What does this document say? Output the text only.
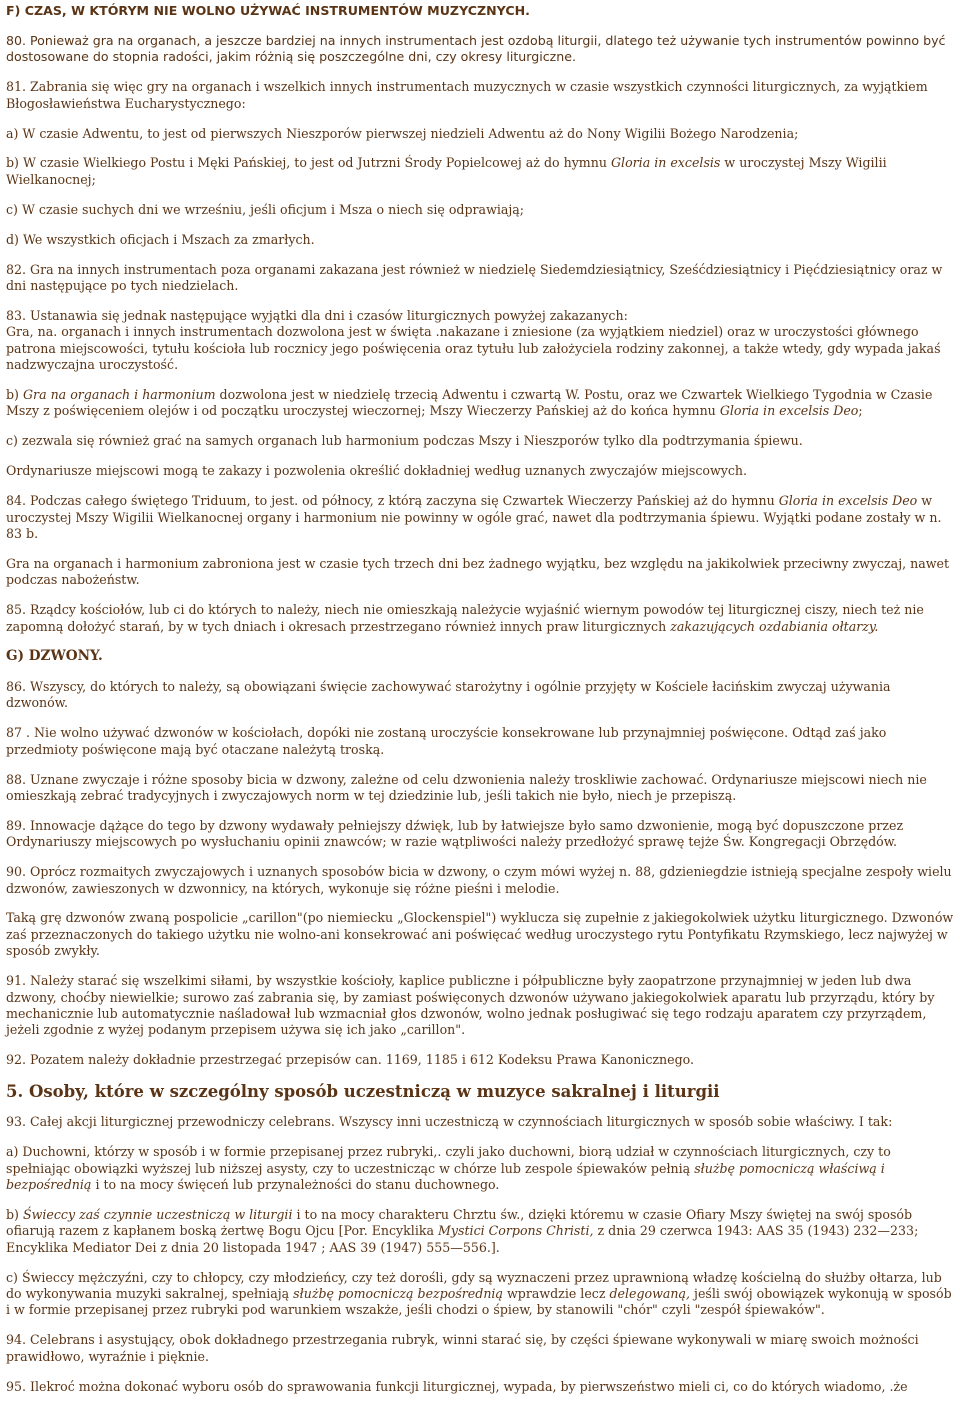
F) CZAS, W KTÓRYM NIE WOLNO UŻYWAĆ INSTRUMENTÓW MUZYCZNYCH.

80. Ponieważ gra na organach, a jeszcze bardziej na innych instrumentach jest ozdobą liturgii, dlatego też używanie tych instrumentów powinno być dostosowane do stopnia radości, jakim różnią się poszczególne dni, czy okresy liturgiczne.

81. Zabrania się więc gry na organach i wszelkich innych instrumentach muzycznych w czasie wszystkich czynności liturgicznych, za wyjątkiem Błogosławieństwa Eucharystycznego:

a) W czasie Adwentu, to jest od pierwszych Nieszporów pierwszej niedzieli Adwentu aż do Nony Wigilii Bożego Narodzenia;

b) W czasie Wielkiego Postu i Męki Pańskiej, to jest od Jutrzni Środy Popielcowej aż do hymnu Gloria in excelsis w uroczystej Mszy Wigilii Wielkanocnej;

c) W czasie suchych dni we wrześniu, jeśli oficjum i Msza o niech się odprawiają;

d) We wszystkich oficjach i Mszach za zmarłych.

82. Gra na innych instrumentach poza organami zakazana jest również w niedzielę Siedemdziesiątnicy, Sześćdziesiątnicy i Pięćdziesiątnicy oraz w dni następujące po tych niedzielach.

83. Ustanawia się jednak następujące wyjątki dla dni i czasów liturgicznych powyżej zakazanych:
Gra, na. organach i innych instrumentach dozwolona jest w święta .nakazane i zniesione (za wyjątkiem niedziel) oraz w uroczystości głównego patrona miejscowości, tytułu kościoła lub rocznicy jego poświęcenia oraz tytułu lub założyciela rodziny zakonnej, a także wtedy, gdy wypada jakaś nadzwyczajna uroczystość.

b) Gra na organach i harmonium dozwolona jest w niedzielę trzecią Adwentu i czwartą W. Postu, oraz we Czwartek Wielkiego Tygodnia w Czasie Mszy z poświęceniem olejów i od początku uroczystej wieczornej; Mszy Wieczerzy Pańskiej aż do końca hymnu Gloria in excelsis Deo;

c) zezwala się również grać na samych organach lub harmonium podczas Mszy i Nieszporów tylko dla podtrzymania śpiewu.

Ordynariusze miejscowi mogą te zakazy i pozwolenia określić dokładniej według uznanych zwyczajów miejscowych.

84. Podczas całego świętego Triduum, to jest. od północy, z którą zaczyna się Czwartek Wieczerzy Pańskiej aż do hymnu Gloria in excelsis Deo w uroczystej Mszy Wigilii Wielkanocnej organy i harmonium nie powinny w ogóle grać, nawet dla podtrzymania śpiewu. Wyjątki podane zostały w n. 83 b.

Gra na organach i harmonium zabroniona jest w czasie tych trzech dni bez żadnego wyjątku, bez względu na jakikolwiek przeciwny zwyczaj, nawet podczas nabożeństw.

85. Rządcy kościołów, lub ci do których to należy, niech nie omieszkają należycie wyjaśnić wiernym powodów tej liturgicznej ciszy, niech też nie zapomną dołożyć starań, by w tych dniach i okresach przestrzegano również innych praw liturgicznych zakazujących ozdabiania ołtarzy.

G) DZWONY.

86. Wszyscy, do których to należy, są obowiązani święcie zachowywać starożytny i ogólnie przyjęty w Kościele łacińskim zwyczaj używania dzwonów.

87 . Nie wolno używać dzwonów w kościołach, dopóki nie zostaną uroczyście konsekrowane lub przynajmniej poświęcone. Odtąd zaś jako przedmioty poświęcone mają być otaczane należytą troską.

88. Uznane zwyczaje i różne sposoby bicia w dzwony, zależne od celu dzwonienia należy troskliwie zachować. Ordynariusze miejscowi niech nie omieszkają zebrać tradycyjnych i zwyczajowych norm w tej dziedzinie lub, jeśli takich nie było, niech je przepiszą.

89. Innowacje dążące do tego by dzwony wydawały pełniejszy dźwięk, lub by łatwiejsze było samo dzwonienie, mogą być dopuszczone przez Ordynariuszy miejscowych po wysłuchaniu opinii znawców; w razie wątpliwości należy przedłożyć sprawę tejże Św. Kongregacji Obrzędów.

90. Oprócz rozmaitych zwyczajowych i uznanych sposobów bicia w dzwony, o czym mówi wyżej n. 88, gdzieniegdzie istnieją specjalne zespoły wielu dzwonów, zawieszonych w dzwonnicy, na których, wykonuje się różne pieśni i melodie.

Taką grę dzwonów zwaną pospolicie „carillon"(po niemiecku „Glockenspiel") wyklucza się zupełnie z jakiegokolwiek użytku liturgicznego. Dzwonów zaś przeznaczonych do takiego użytku nie wolno-ani konsekrować ani poświęcać według uroczystego rytu Pontyfikatu Rzymskiego, lecz najwyżej w sposób zwykły.

91. Należy starać się wszelkimi siłami, by wszystkie kościoły, kaplice publiczne i półpubliczne były zaopatrzone przynajmniej w jeden lub dwa dzwony, choćby niewielkie; surowo zaś zabrania się, by zamiast poświęconych dzwonów używano jakiegokolwiek aparatu lub przyrządu, który by mechanicznie lub automatycznie naśladował lub wzmacniał głos dzwonów, wolno jednak posługiwać się tego rodzaju aparatem czy przyrządem, jeżeli zgodnie z wyżej podanym przepisem używa się ich jako „carillon".

92. Pozatem należy dokładnie przestrzegać przepisów can. 1169, 1185 i 612 Kodeksu Prawa Kanonicznego.

5. Osoby, które w szczególny sposób uczestniczą w muzyce sakralnej i liturgii

93. Całej akcji liturgicznej przewodniczy celebrans. Wszyscy inni uczestniczą w czynnościach liturgicznych w sposób sobie właściwy. I tak:

a) Duchowni, którzy w sposób i w formie przepisanej przez rubryki,. czyli jako duchowni, biorą udział w czynnościach liturgicznych, czy to spełniając obowiązki wyższej lub niższej asysty, czy to uczestnicząc w chórze lub zespole śpiewaków pełnią służbę pomocniczą właściwą i bezpośrednią i to na mocy święceń lub przynależności do stanu duchownego.

b) Świeccy zaś czynnie uczestniczą w liturgii i to na mocy charakteru Chrztu św., dzięki któremu w czasie Ofiary Mszy świętej na swój sposób ofiarują razem z kapłanem boską żertwę Bogu Ojcu [Por. Encyklika Mystici Corpons Christi, z dnia 29 czerwca 1943: AAS 35 (1943) 232—233; Encyklika Mediator Dei z dnia 20 listopada 1947 ; AAS 39 (1947) 555—556.].

c) Świeccy mężczyźni, czy to chłopcy, czy młodzieńcy, czy też dorośli, gdy są wyznaczeni przez uprawnioną władzę kościelną do służby ołtarza, lub do wykonywania muzyki sakralnej, spełniają służbę pomocniczą bezpośrednią wprawdzie lecz delegowaną, jeśli swój obowiązek wykonują w sposób i w formie przepisanej przez rubryki pod warunkiem wszakże, jeśli chodzi o śpiew, by stanowili "chór" czyli "zespół śpiewaków".

94. Celebrans i asystujący, obok dokładnego przestrzegania rubryk, winni starać się, by części śpiewane wykonywali w miarę swoich możności prawidłowo, wyraźnie i pięknie.

95. Ilekroć można dokonać wyboru osób do sprawowania funkcji liturgicznej, wypada, by pierwszeństwo mieli ci, co do których wiadomo, .że
